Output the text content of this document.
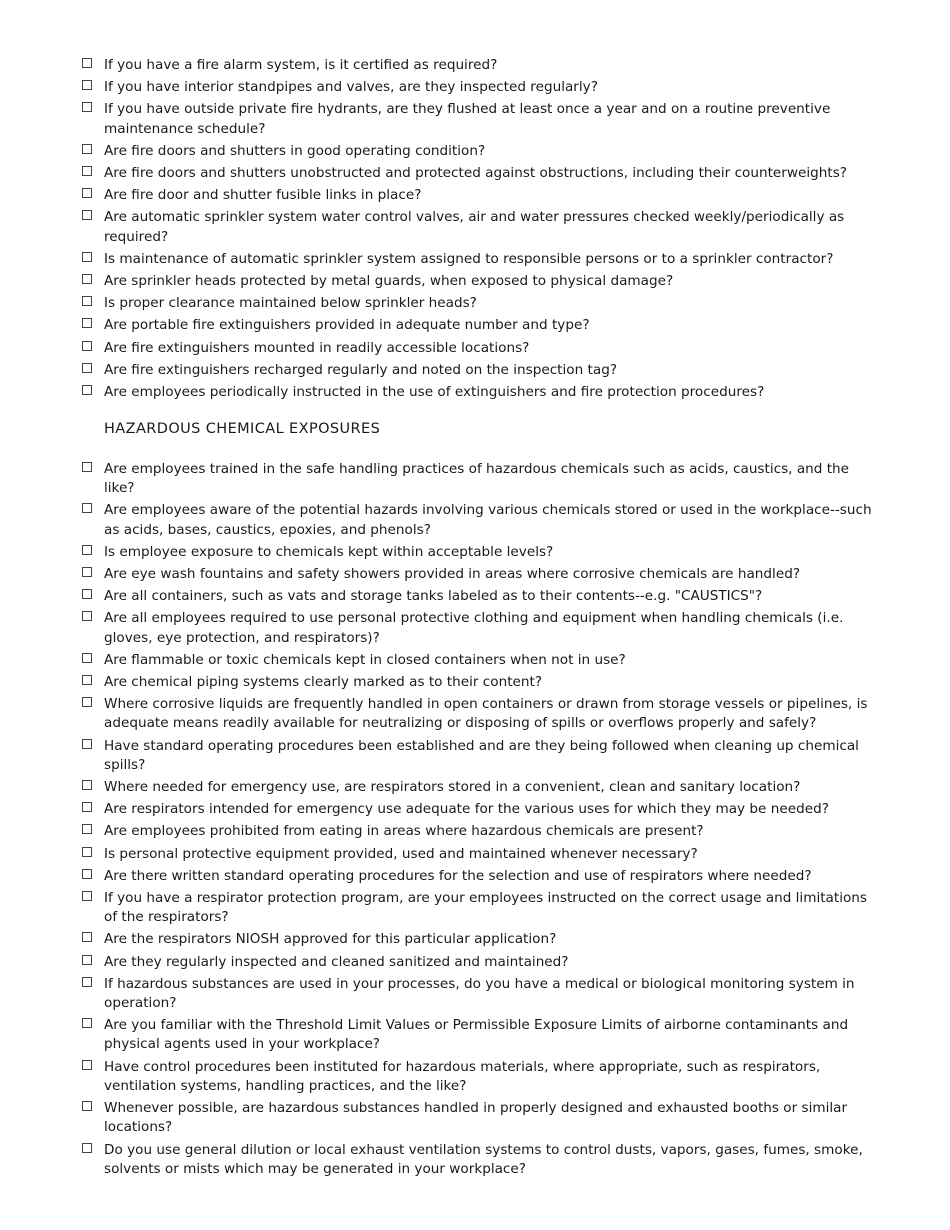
If you have a fire alarm system, is it certified as required?
If you have interior standpipes and valves, are they inspected regularly?
If you have outside private fire hydrants, are they flushed at least once a year and on a routine preventive maintenance schedule?
Are fire doors and shutters in good operating condition?
Are fire doors and shutters unobstructed and protected against obstructions, including their counterweights?
Are fire door and shutter fusible links in place?
Are automatic sprinkler system water control valves, air and water pressures checked weekly/periodically as required?
Is maintenance of automatic sprinkler system assigned to responsible persons or to a sprinkler contractor?
Are sprinkler heads protected by metal guards, when exposed to physical damage?
Is proper clearance maintained below sprinkler heads?
Are portable fire extinguishers provided in adequate number and type?
Are fire extinguishers mounted in readily accessible locations?
Are fire extinguishers recharged regularly and noted on the inspection tag?
Are employees periodically instructed in the use of extinguishers and fire protection procedures?
HAZARDOUS CHEMICAL EXPOSURES
Are employees trained in the safe handling practices of hazardous chemicals such as acids, caustics, and the like?
Are employees aware of the potential hazards involving various chemicals stored or used in the workplace--such as acids, bases, caustics, epoxies, and phenols?
Is employee exposure to chemicals kept within acceptable levels?
Are eye wash fountains and safety showers provided in areas where corrosive chemicals are handled?
Are all containers, such as vats and storage tanks labeled as to their contents--e.g. "CAUSTICS"?
Are all employees required to use personal protective clothing and equipment when handling chemicals (i.e. gloves, eye protection, and respirators)?
Are flammable or toxic chemicals kept in closed containers when not in use?
Are chemical piping systems clearly marked as to their content?
Where corrosive liquids are frequently handled in open containers or drawn from storage vessels or pipelines, is adequate means readily available for neutralizing or disposing of spills or overflows properly and safely?
Have standard operating procedures been established and are they being followed when cleaning up chemical spills?
Where needed for emergency use, are respirators stored in a convenient, clean and sanitary location?
Are respirators intended for emergency use adequate for the various uses for which they may be needed?
Are employees prohibited from eating in areas where hazardous chemicals are present?
Is personal protective equipment provided, used and maintained whenever necessary?
Are there written standard operating procedures for the selection and use of respirators where needed?
If you have a respirator protection program, are your employees instructed on the correct usage and limitations of the respirators?
Are the respirators NIOSH approved for this particular application?
Are they regularly inspected and cleaned sanitized and maintained?
If hazardous substances are used in your processes, do you have a medical or biological monitoring system in operation?
Are you familiar with the Threshold Limit Values or Permissible Exposure Limits of airborne contaminants and physical agents used in your workplace?
Have control procedures been instituted for hazardous materials, where appropriate, such as respirators, ventilation systems, handling practices, and the like?
Whenever possible, are hazardous substances handled in properly designed and exhausted booths or similar locations?
Do you use general dilution or local exhaust ventilation systems to control dusts, vapors, gases, fumes, smoke, solvents or mists which may be generated in your workplace?
